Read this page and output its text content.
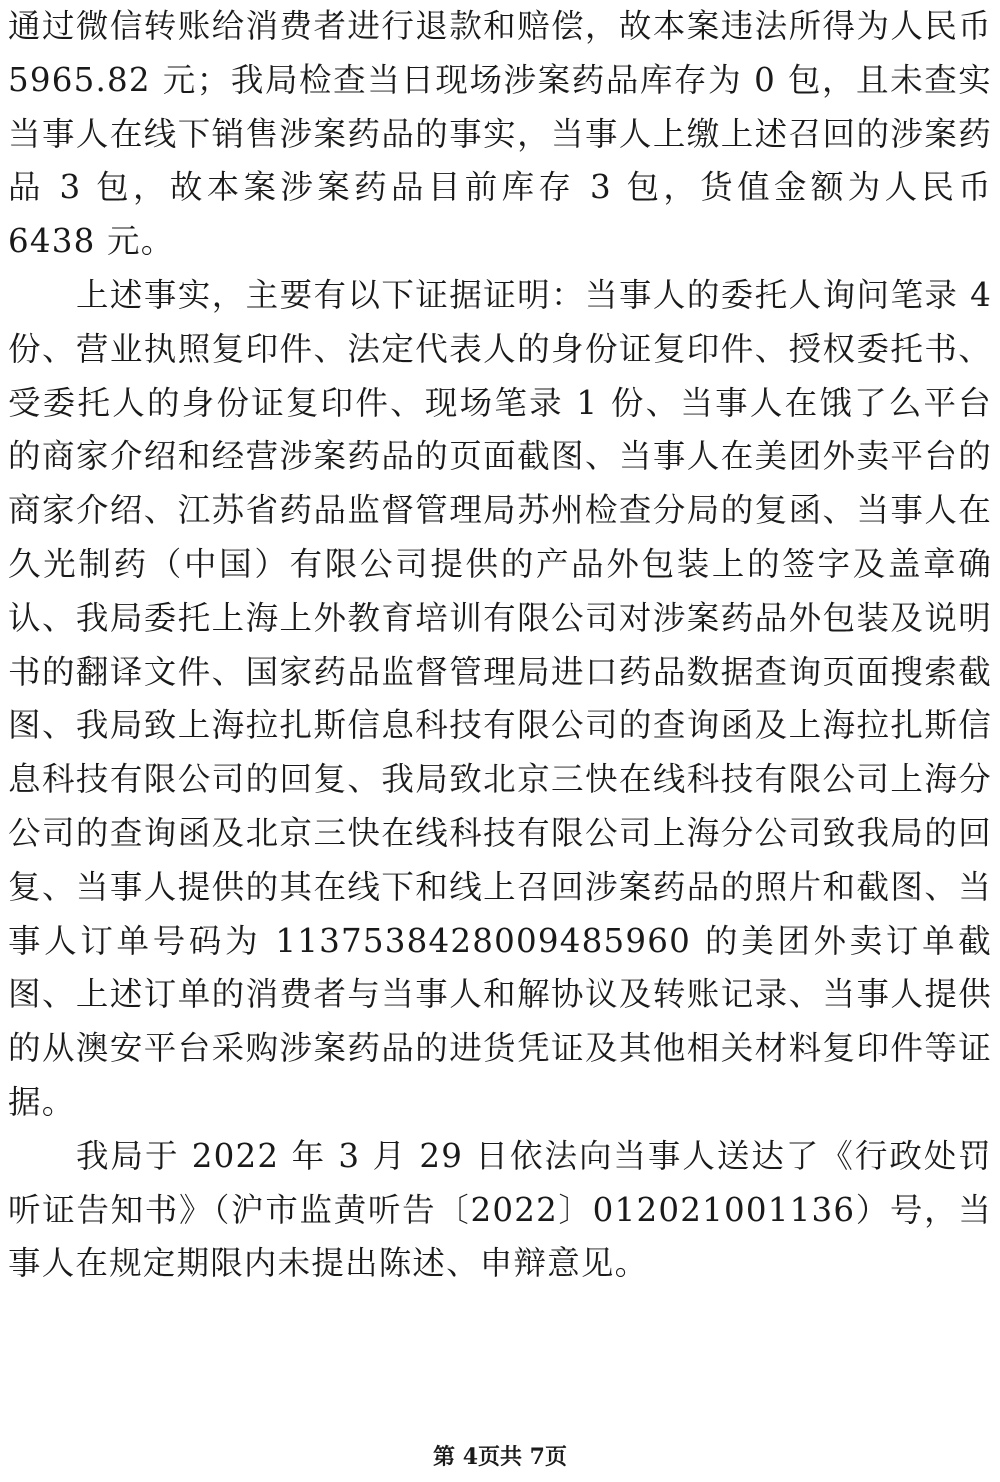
通过微信转账给消费者进行退款和赔偿，故本案违法所得为人民币 5965.82 元；我局检查当日现场涉案药品库存为 0 包，且未查实当事人在线下销售涉案药品的事实，当事人上缴上述召回的涉案药品 3 包，故本案涉案药品目前库存 3 包，货值金额为人民币 6438 元。

上述事实，主要有以下证据证明：当事人的委托人询问笔录 4 份、营业执照复印件、法定代表人的身份证复印件、授权委托书、受委托人的身份证复印件、现场笔录 1 份、当事人在饿了么平台的商家介绍和经营涉案药品的页面截图、当事人在美团外卖平台的商家介绍、江苏省药品监督管理局苏州检查分局的复函、当事人在久光制药（中国）有限公司提供的产品外包装上的签字及盖章确认、我局委托上海上外教育培训有限公司对涉案药品外包装及说明书的翻译文件、国家药品监督管理局进口药品数据查询页面搜索截图、我局致上海拉扎斯信息科技有限公司的查询函及上海拉扎斯信息科技有限公司的回复、我局致北京三快在线科技有限公司上海分公司的查询函及北京三快在线科技有限公司上海分公司致我局的回复、当事人提供的其在线下和线上召回涉案药品的照片和截图、当事人订单号码为 1137538428009485960 的美团外卖订单截图、上述订单的消费者与当事人和解协议及转账记录、当事人提供的从澳安平台采购涉案药品的进货凭证及其他相关材料复印件等证据。

我局于 2022 年 3 月 29 日依法向当事人送达了《行政处罚听证告知书》（沪市监黄听告〔2022〕012021001136）号，当事人在规定期限内未提出陈述、申辩意见。

第 4页共 7页
